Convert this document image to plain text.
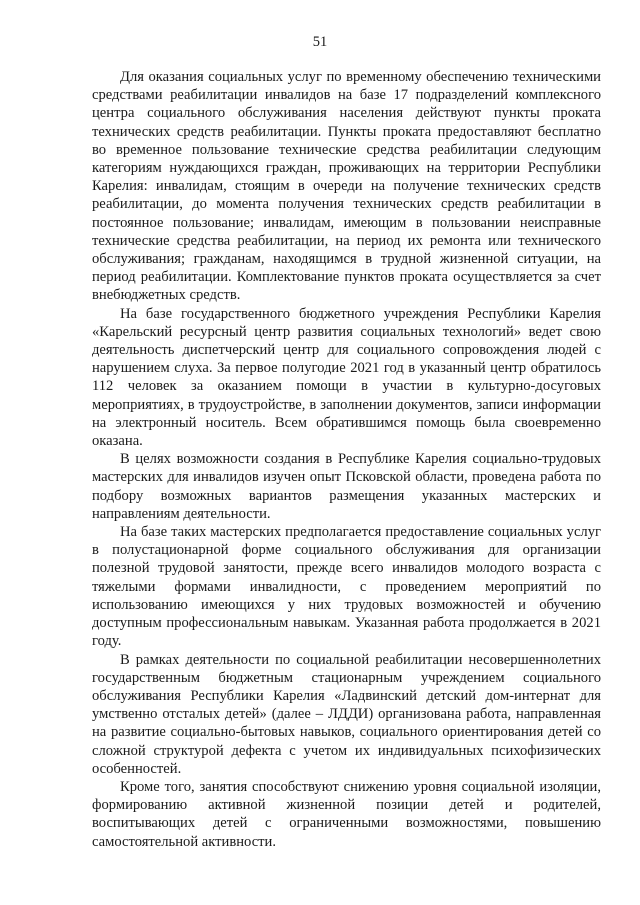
51

Для оказания социальных услуг по временному обеспечению техническими средствами реабилитации инвалидов на базе 17 подразделений комплексного центра социального обслуживания населения действуют пункты проката технических средств реабилитации. Пункты проката предоставляют бесплатно во временное пользование технические средства реабилитации следующим категориям нуждающихся граждан, проживающих на территории Республики Карелия: инвалидам, стоящим в очереди на получение технических средств реабилитации, до момента получения технических средств реабилитации в постоянное пользование; инвалидам, имеющим в пользовании неисправные технические средства реабилитации, на период их ремонта или технического обслуживания; гражданам, находящимся в трудной жизненной ситуации, на период реабилитации. Комплектование пунктов проката осуществляется за счет внебюджетных средств.

На базе государственного бюджетного учреждения Республики Карелия «Карельский ресурсный центр развития социальных технологий» ведет свою деятельность диспетчерский центр для социального сопровождения людей с нарушением слуха. За первое полугодие 2021 год в указанный центр обратилось 112 человек за оказанием помощи в участии в культурно-досуговых мероприятиях, в трудоустройстве, в заполнении документов, записи информации на электронный носитель. Всем обратившимся помощь была своевременно оказана.

В целях возможности создания в Республике Карелия социально-трудовых мастерских для инвалидов изучен опыт Псковской области, проведена работа по подбору возможных вариантов размещения указанных мастерских и направлениям деятельности.

На базе таких мастерских предполагается предоставление социальных услуг в полустационарной форме социального обслуживания для организации полезной трудовой занятости, прежде всего инвалидов молодого возраста с тяжелыми формами инвалидности, с проведением мероприятий по использованию имеющихся у них трудовых возможностей и обучению доступным профессиональным навыкам. Указанная работа продолжается в 2021 году.

В рамках деятельности по социальной реабилитации несовершеннолетних государственным бюджетным стационарным учреждением социального обслуживания Республики Карелия «Ладвинский детский дом-интернат для умственно отсталых детей» (далее – ЛДДИ) организована работа, направленная на развитие социально-бытовых навыков, социального ориентирования детей со сложной структурой дефекта с учетом их индивидуальных психофизических особенностей.

Кроме того, занятия способствуют снижению уровня социальной изоляции, формированию активной жизненной позиции детей и родителей, воспитывающих детей с ограниченными возможностями, повышению самостоятельной активности.
